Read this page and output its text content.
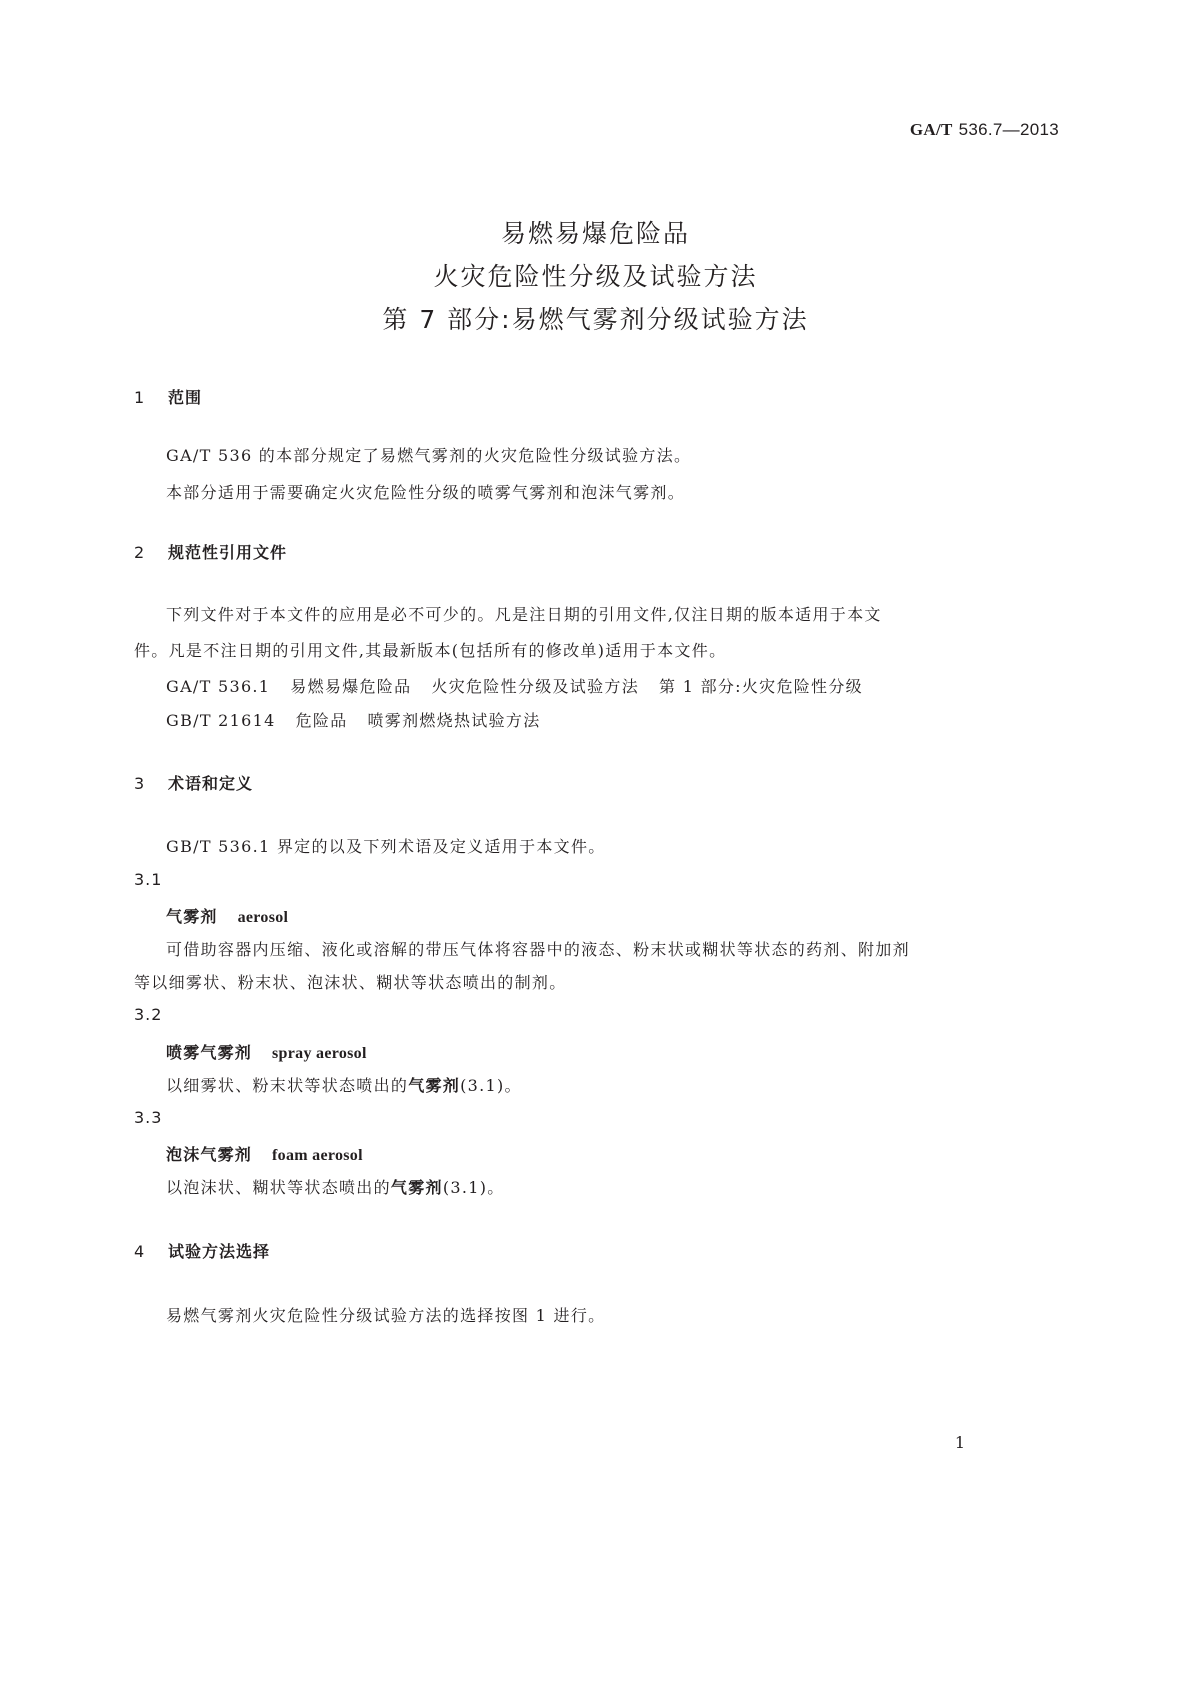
GA/T 536.7—2013
易燃易爆危险品
火灾危险性分级及试验方法
第 7 部分:易燃气雾剂分级试验方法
1 范围
GA/T 536 的本部分规定了易燃气雾剂的火灾危险性分级试验方法。
本部分适用于需要确定火灾危险性分级的喷雾气雾剂和泡沫气雾剂。
2 规范性引用文件
下列文件对于本文件的应用是必不可少的。凡是注日期的引用文件,仅注日期的版本适用于本文
件。凡是不注日期的引用文件,其最新版本(包括所有的修改单)适用于本文件。
GA/T 536.1 易燃易爆危险品 火灾危险性分级及试验方法 第 1 部分:火灾危险性分级
GB/T 21614 危险品 喷雾剂燃烧热试验方法
3 术语和定义
GB/T 536.1 界定的以及下列术语及定义适用于本文件。
3.1
气雾剂 aerosol
可借助容器内压缩、液化或溶解的带压气体将容器中的液态、粉末状或糊状等状态的药剂、附加剂
等以细雾状、粉末状、泡沫状、糊状等状态喷出的制剂。
3.2
喷雾气雾剂 spray aerosol
以细雾状、粉末状等状态喷出的气雾剂(3.1)。
3.3
泡沫气雾剂 foam aerosol
以泡沫状、糊状等状态喷出的气雾剂(3.1)。
4 试验方法选择
易燃气雾剂火灾危险性分级试验方法的选择按图 1 进行。
1
